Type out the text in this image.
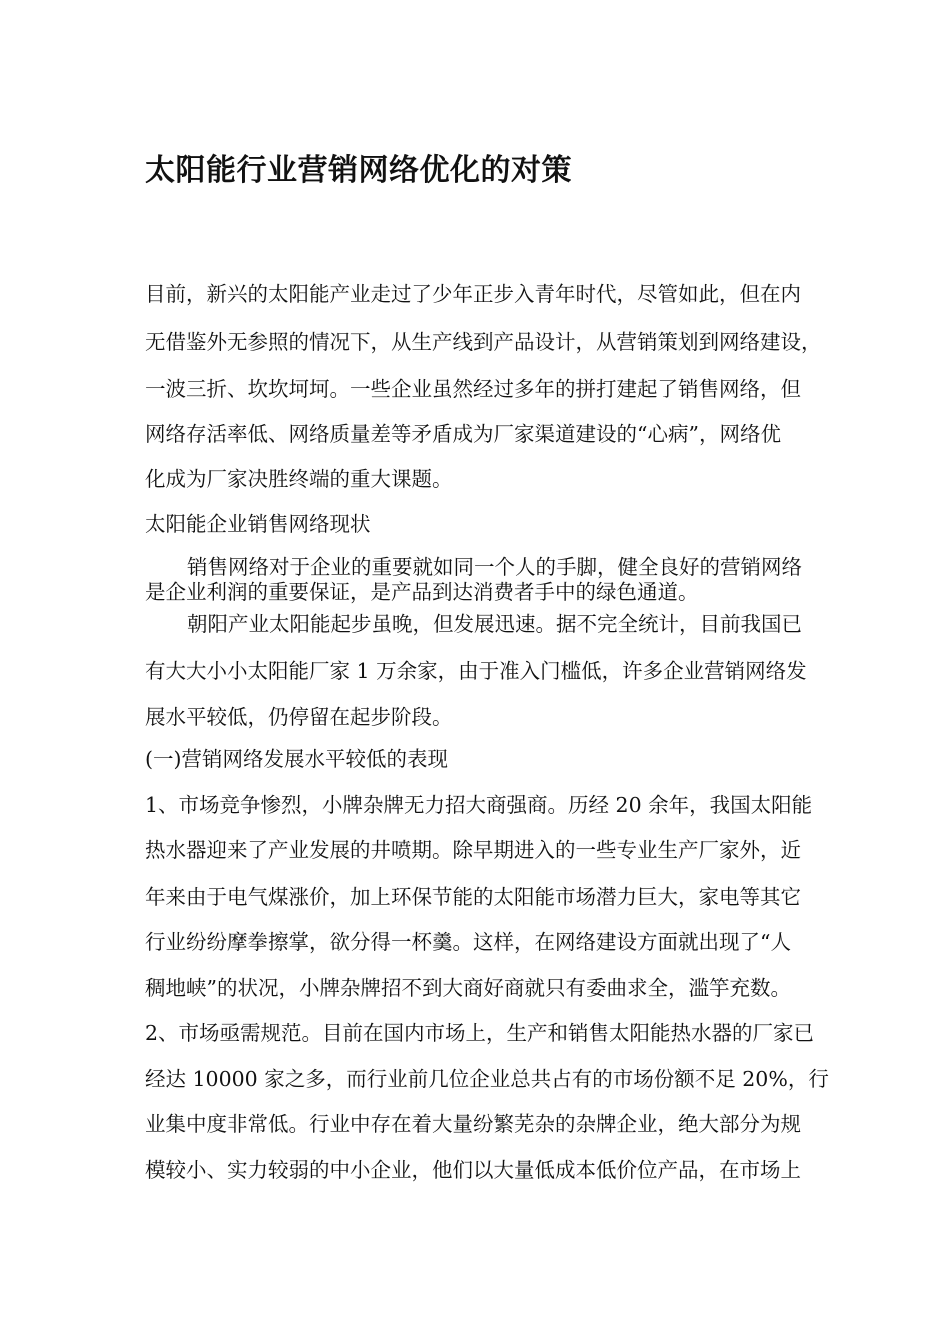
太阳能行业营销网络优化的对策
目前，新兴的太阳能产业走过了少年正步入青年时代，尽管如此，但在内
无借鉴外无参照的情况下，从生产线到产品设计，从营销策划到网络建设，
一波三折、坎坎坷坷。一些企业虽然经过多年的拼打建起了销售网络，但
网络存活率低、网络质量差等矛盾成为厂家渠道建设的“心病”，网络优
化成为厂家决胜终端的重大课题。
太阳能企业销售网络现状
销售网络对于企业的重要就如同一个人的手脚，健全良好的营销网络
是企业利润的重要保证，是产品到达消费者手中的绿色通道。
朝阳产业太阳能起步虽晚，但发展迅速。据不完全统计，目前我国已
有大大小小太阳能厂家 1 万余家，由于准入门槛低，许多企业营销网络发
展水平较低，仍停留在起步阶段。
(一)营销网络发展水平较低的表现
1、市场竞争惨烈，小牌杂牌无力招大商强商。历经 20 余年，我国太阳能
热水器迎来了产业发展的井喷期。除早期进入的一些专业生产厂家外，近
年来由于电气煤涨价，加上环保节能的太阳能市场潜力巨大，家电等其它
行业纷纷摩拳擦掌，欲分得一杯羹。这样，在网络建设方面就出现了“人
稠地峡”的状况，小牌杂牌招不到大商好商就只有委曲求全，滥竽充数。
2、市场亟需规范。目前在国内市场上，生产和销售太阳能热水器的厂家已
经达 10000 家之多，而行业前几位企业总共占有的市场份额不足 20%，行
业集中度非常低。行业中存在着大量纷繁芜杂的杂牌企业，绝大部分为规
模较小、实力较弱的中小企业，他们以大量低成本低价位产品，在市场上
